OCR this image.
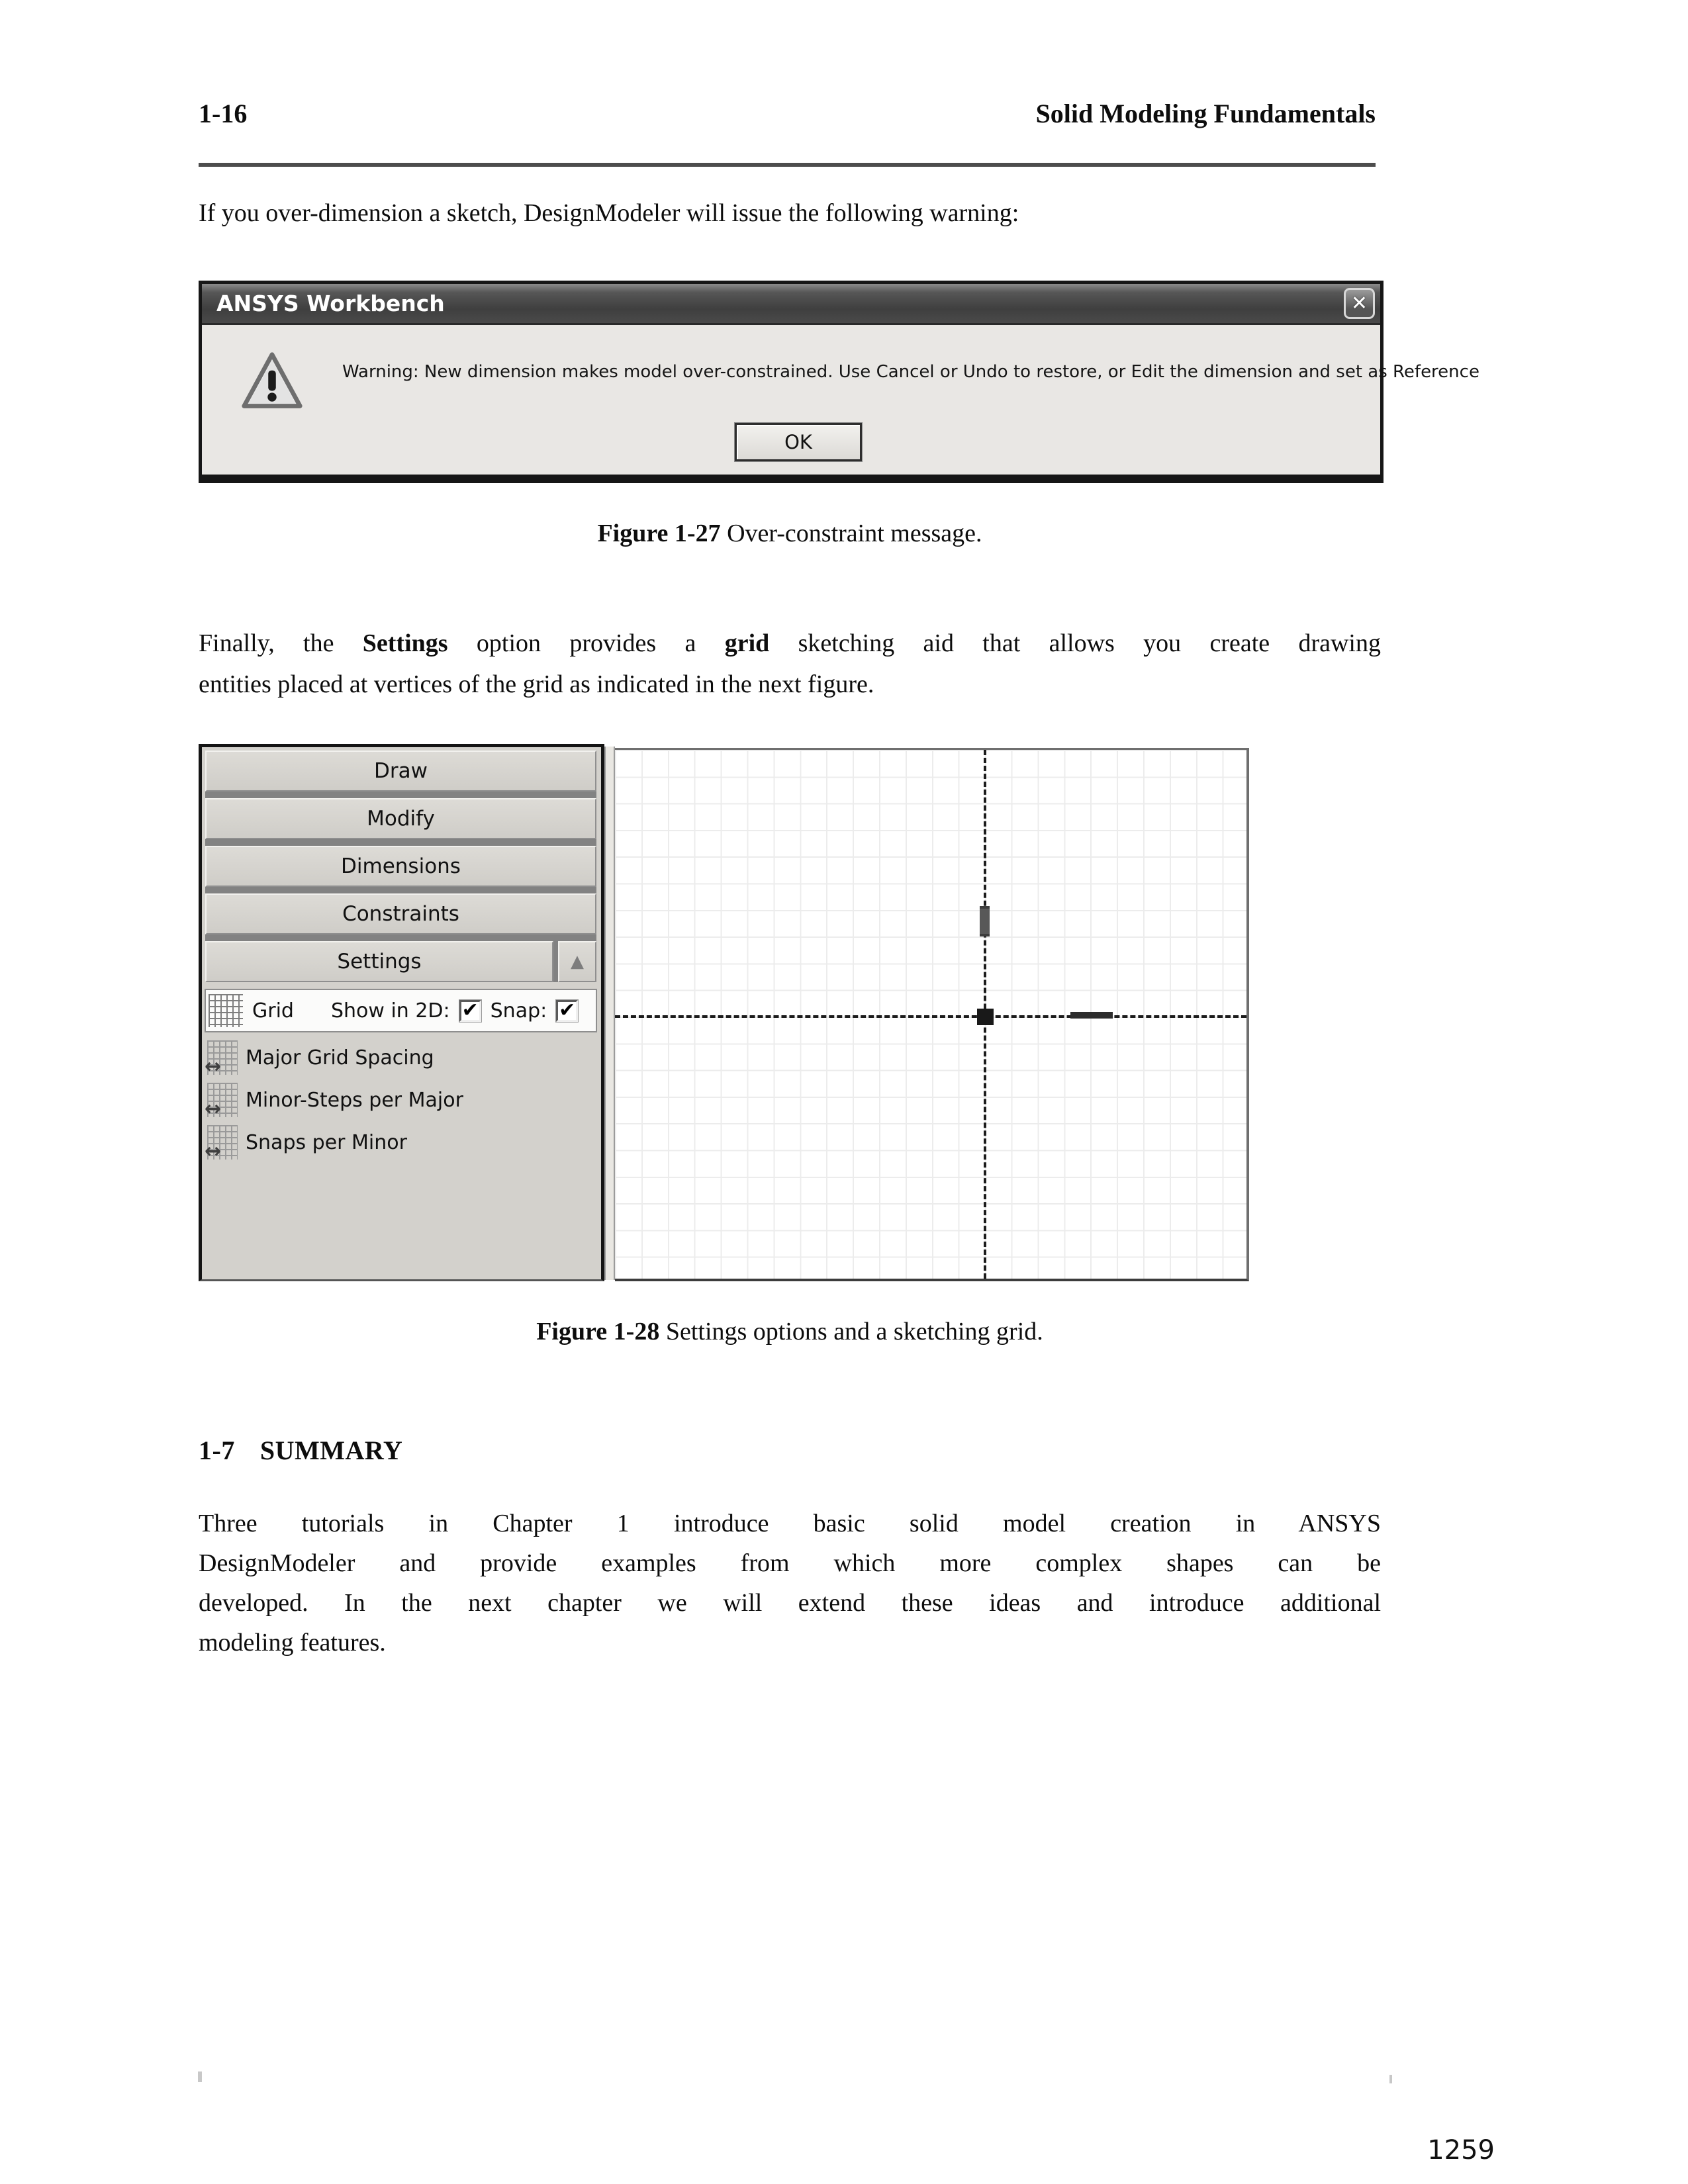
1-16	Solid Modeling Fundamentals
If you over-dimension a sketch, DesignModeler will issue the following warning:
ANSYS Workbench	✕
Warning: New dimension makes model over-constrained. Use Cancel or Undo to restore, or Edit the dimension and set as Reference
OK
Figure 1-27 Over-constraint message.
Finally, the Settings option provides a grid sketching aid that allows you create drawing
entities placed at vertices of the grid as indicated in the next figure.
Draw
Modify
Dimensions
Constraints
Settings	▲
Grid Show in 2D: ✔ Snap: ✔
↔ Major Grid Spacing
↔ Minor-Steps per Major
↔ Snaps per Minor
Figure 1-28 Settings options and a sketching grid.
1-7 SUMMARY
Three tutorials in Chapter 1 introduce basic solid model creation in ANSYS
DesignModeler and provide examples from which more complex shapes can be
developed. In the next chapter we will extend these ideas and introduce additional
modeling features.
1259
